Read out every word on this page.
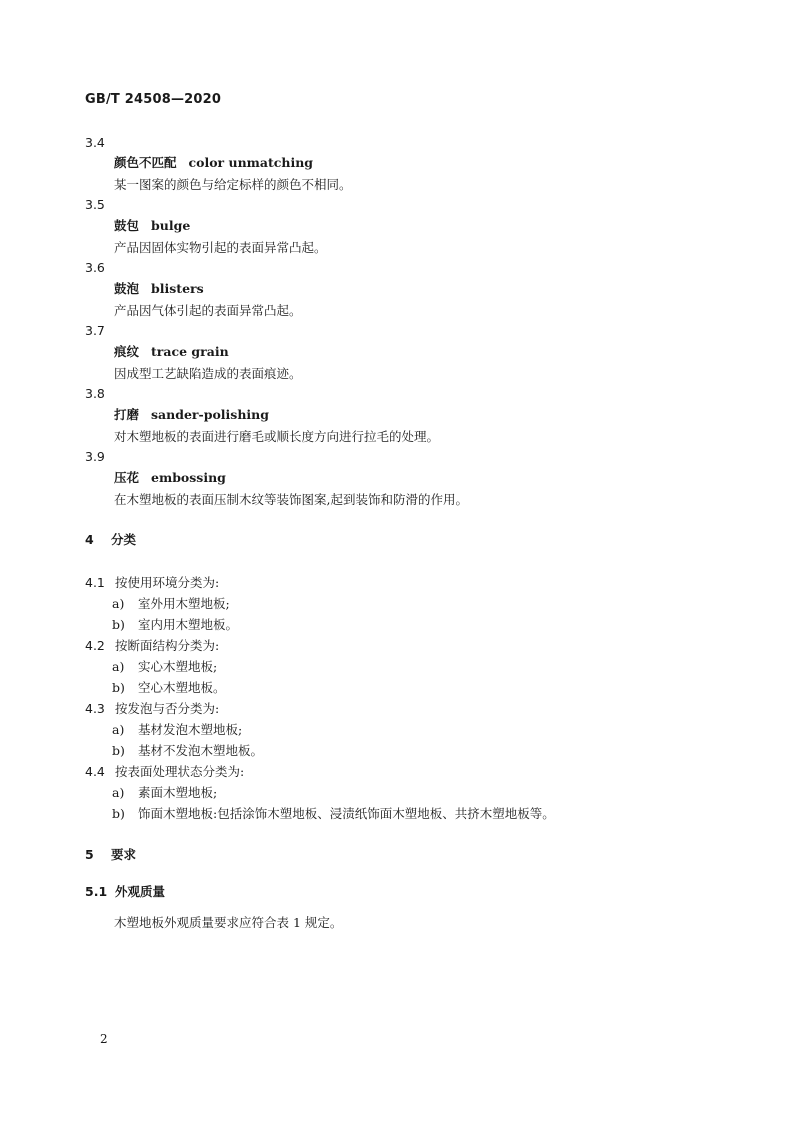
GB/T 24508—2020
3.4
颜色不匹配 color unmatching
某一图案的颜色与给定标样的颜色不相同。
3.5
鼓包 bulge
产品因固体实物引起的表面异常凸起。
3.6
鼓泡 blisters
产品因气体引起的表面异常凸起。
3.7
痕纹 trace grain
因成型工艺缺陷造成的表面痕迹。
3.8
打磨 sander-polishing
对木塑地板的表面进行磨毛或顺长度方向进行拉毛的处理。
3.9
压花 embossing
在木塑地板的表面压制木纹等装饰图案,起到装饰和防滑的作用。
4 分类
4.1 按使用环境分类为:
a) 室外用木塑地板;
b) 室内用木塑地板。
4.2 按断面结构分类为:
a) 实心木塑地板;
b) 空心木塑地板。
4.3 按发泡与否分类为:
a) 基材发泡木塑地板;
b) 基材不发泡木塑地板。
4.4 按表面处理状态分类为:
a) 素面木塑地板;
b) 饰面木塑地板:包括涂饰木塑地板、浸渍纸饰面木塑地板、共挤木塑地板等。
5 要求
5.1 外观质量
木塑地板外观质量要求应符合表 1 规定。
2
